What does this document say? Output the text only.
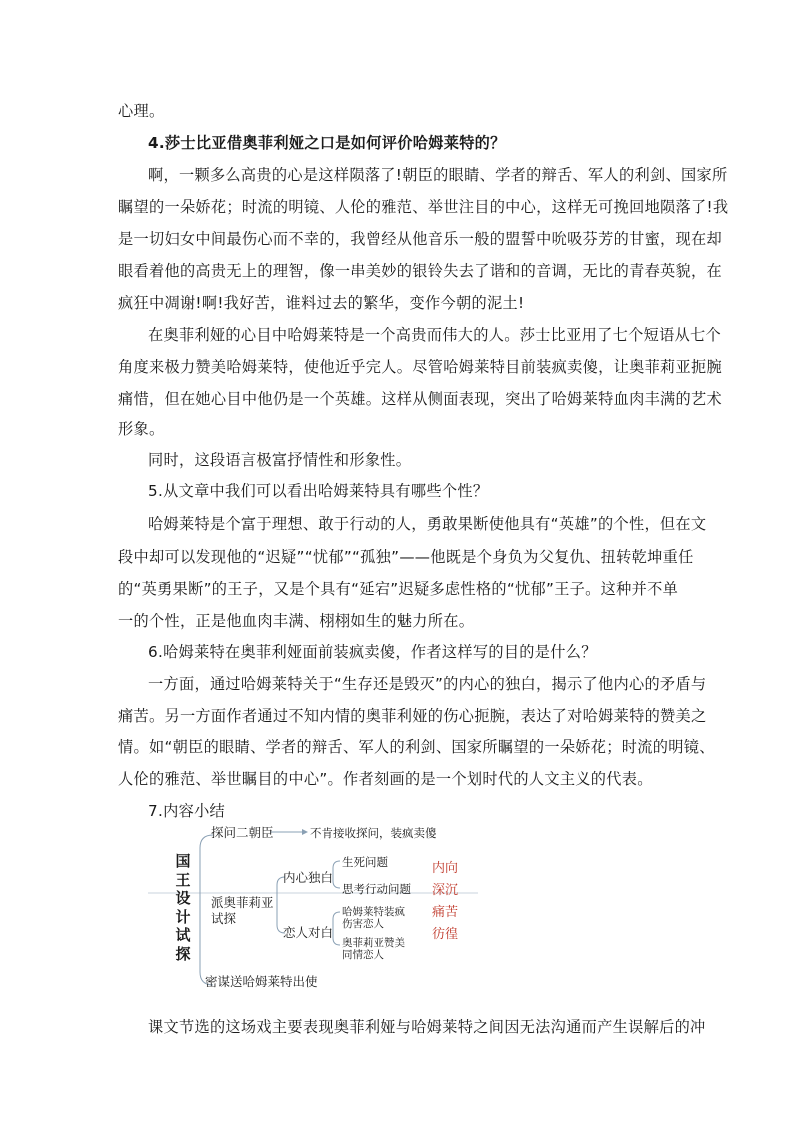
心理。
4.莎士比亚借奥菲利娅之口是如何评价哈姆莱特的？
啊，一颗多么高贵的心是这样陨落了!朝臣的眼睛、学者的辩舌、军人的利剑、国家所
瞩望的一朵娇花；时流的明镜、人伦的雅范、举世注目的中心，这样无可挽回地陨落了!我
是一切妇女中间最伤心而不幸的，我曾经从他音乐一般的盟誓中吮吸芬芳的甘蜜，现在却
眼看着他的高贵无上的理智，像一串美妙的银铃失去了谐和的音调，无比的青春英貌，在
疯狂中凋谢!啊!我好苦，谁料过去的繁华，变作今朝的泥土!
在奥菲利娅的心目中哈姆莱特是一个高贵而伟大的人。莎士比亚用了七个短语从七个
角度来极力赞美哈姆莱特，使他近乎完人。尽管哈姆莱特目前装疯卖傻，让奥菲莉亚扼腕
痛惜，但在她心目中他仍是一个英雄。这样从侧面表现，突出了哈姆莱特血肉丰满的艺术
形象。
同时，这段语言极富抒情性和形象性。
5.从文章中我们可以看出哈姆莱特具有哪些个性？
哈姆莱特是个富于理想、敢于行动的人，勇敢果断使他具有“英雄”的个性，但在文
段中却可以发现他的“迟疑”“忧郁”“孤独”——他既是个身负为父复仇、扭转乾坤重任
的“英勇果断”的王子，又是个具有“延宕”迟疑多虑性格的“忧郁”王子。这种并不单
一的个性，正是他血肉丰满、栩栩如生的魅力所在。
6.哈姆莱特在奥菲利娅面前装疯卖傻，作者这样写的目的是什么？
一方面，通过哈姆莱特关于“生存还是毁灭”的内心的独白，揭示了他内心的矛盾与
痛苦。另一方面作者通过不知内情的奥菲利娅的伤心扼腕，表达了对哈姆莱特的赞美之
情。如“朝臣的眼睛、学者的辩舌、军人的利剑、国家所瞩望的一朵娇花；时流的明镜、
人伦的雅范、举世瞩目的中心”。作者刻画的是一个划时代的人文主义的代表。
7.内容小结
国
王
设
计
试
探
探问二朝臣	不肯接收探问，装疯卖傻
派奥菲莉亚
试探
内心独白
生死问题
思考行动问题
恋人对白
哈姆莱特装疯
伤害恋人
奥菲莉亚赞美
同情恋人
密谋送哈姆莱特出使
内向
深沉
痛苦
彷徨
课文节选的这场戏主要表现奥菲利娅与哈姆莱特之间因无法沟通而产生误解后的冲
